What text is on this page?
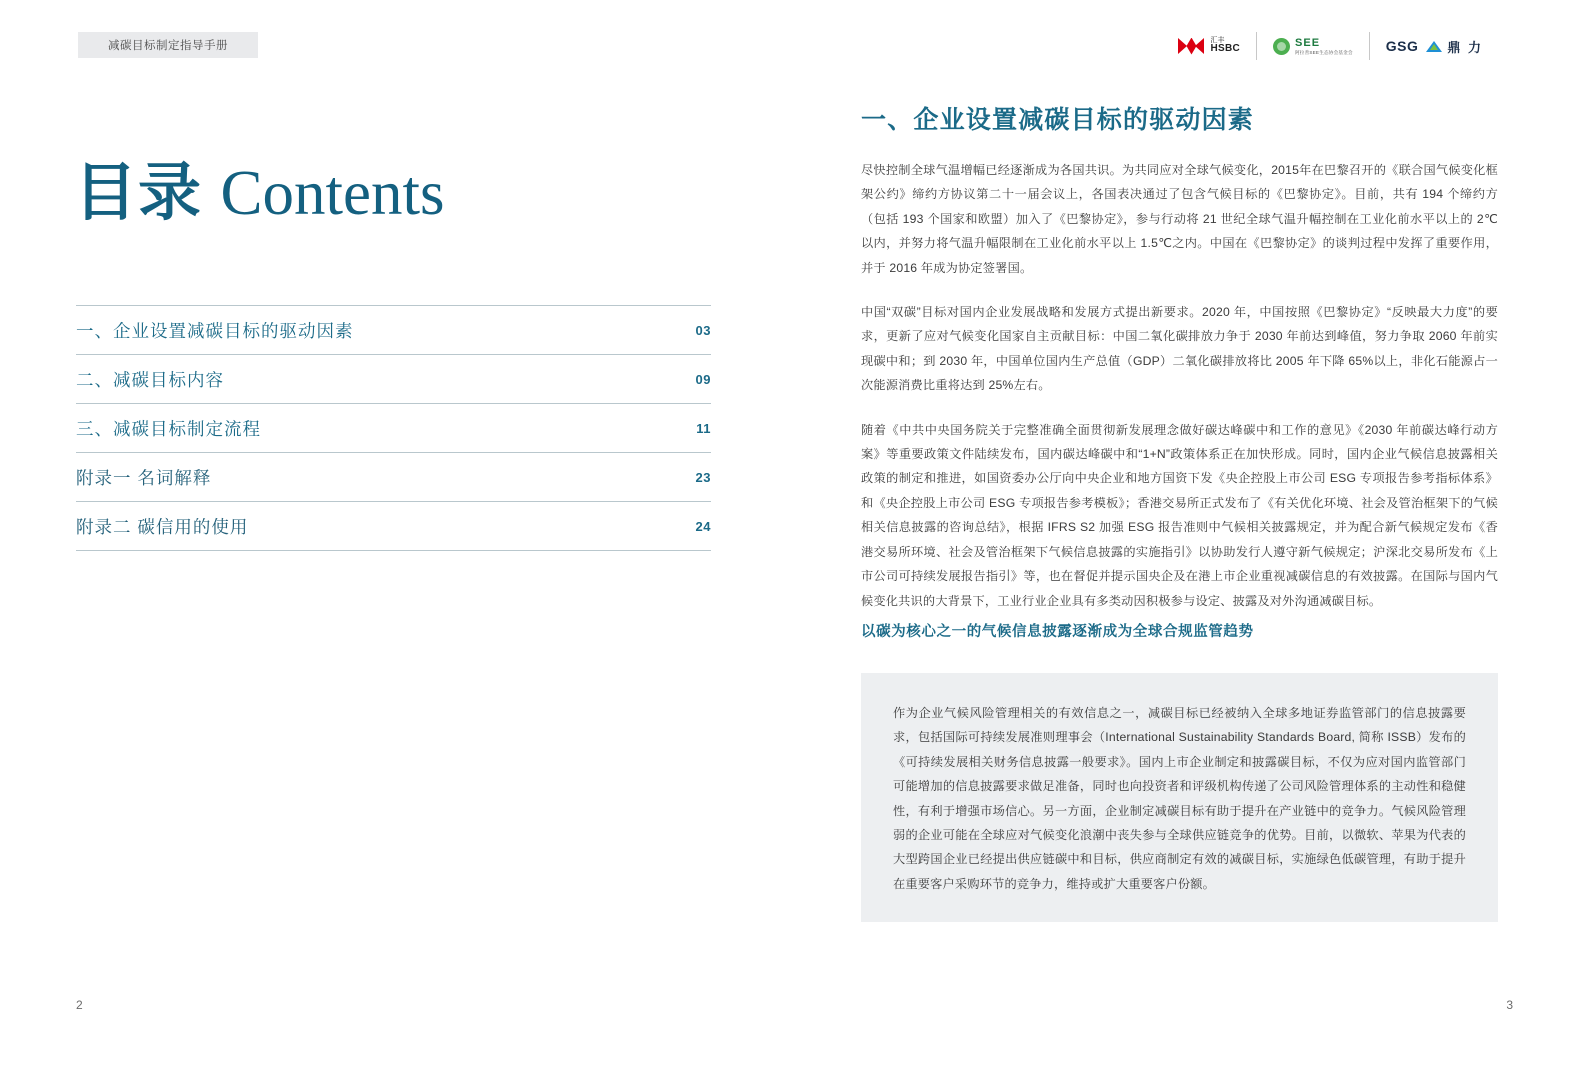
减碳目标制定指导手册	汇丰
HSBC	SEE
阿拉善SEE生态协会基金会 GSG 鼎 力
目录 Contents
一、企业设置减碳目标的驱动因素	03
二、减碳目标内容	09
三、减碳目标制定流程	11
附录一 名词解释	23
附录二 碳信用的使用	24
2
一、企业设置减碳目标的驱动因素

尽快控制全球气温增幅已经逐渐成为各国共识。为共同应对全球气候变化，2015年在巴黎召开的《联合国气候变化框架公约》缔约方协议第二十一届会议上，各国表决通过了包含气候目标的《巴黎协定》。目前，共有 194 个缔约方（包括 193 个国家和欧盟）加入了《巴黎协定》，参与行动将 21 世纪全球气温升幅控制在工业化前水平以上的 2℃以内，并努力将气温升幅限制在工业化前水平以上 1.5℃之内。中国在《巴黎协定》的谈判过程中发挥了重要作用，并于 2016 年成为协定签署国。

中国“双碳”目标对国内企业发展战略和发展方式提出新要求。2020 年，中国按照《巴黎协定》“反映最大力度”的要求，更新了应对气候变化国家自主贡献目标：中国二氧化碳排放力争于 2030 年前达到峰值，努力争取 2060 年前实现碳中和；到 2030 年，中国单位国内生产总值（GDP）二氧化碳排放将比 2005 年下降 65%以上，非化石能源占一次能源消费比重将达到 25%左右。

随着《中共中央国务院关于完整准确全面贯彻新发展理念做好碳达峰碳中和工作的意见》《2030 年前碳达峰行动方案》等重要政策文件陆续发布，国内碳达峰碳中和“1+N”政策体系正在加快形成。同时，国内企业气候信息披露相关政策的制定和推进，如国资委办公厅向中央企业和地方国资下发《央企控股上市公司 ESG 专项报告参考指标体系》和《央企控股上市公司 ESG 专项报告参考模板》；香港交易所正式发布了《有关优化环境、社会及管治框架下的气候相关信息披露的咨询总结》，根据 IFRS S2 加强 ESG 报告准则中气候相关披露规定，并为配合新气候规定发布《香港交易所环境、社会及管治框架下气候信息披露的实施指引》以协助发行人遵守新气候规定；沪深北交易所发布《上市公司可持续发展报告指引》等，也在督促并提示国央企及在港上市企业重视减碳信息的有效披露。在国际与国内气候变化共识的大背景下，工业行业企业具有多类动因积极参与设定、披露及对外沟通减碳目标。

以碳为核心之一的气候信息披露逐渐成为全球合规监管趋势

作为企业气候风险管理相关的有效信息之一，减碳目标已经被纳入全球多地证券监管部门的信息披露要求，包括国际可持续发展准则理事会（International Sustainability Standards Board, 简称 ISSB）发布的《可持续发展相关财务信息披露一般要求》。国内上市企业制定和披露碳目标，不仅为应对国内监管部门可能增加的信息披露要求做足准备，同时也向投资者和评级机构传递了公司风险管理体系的主动性和稳健性，有利于增强市场信心。另一方面，企业制定减碳目标有助于提升在产业链中的竞争力。气候风险管理弱的企业可能在全球应对气候变化浪潮中丧失参与全球供应链竞争的优势。目前，以微软、苹果为代表的大型跨国企业已经提出供应链碳中和目标，供应商制定有效的减碳目标，实施绿色低碳管理，有助于提升在重要客户采购环节的竞争力，维持或扩大重要客户份额。

3
